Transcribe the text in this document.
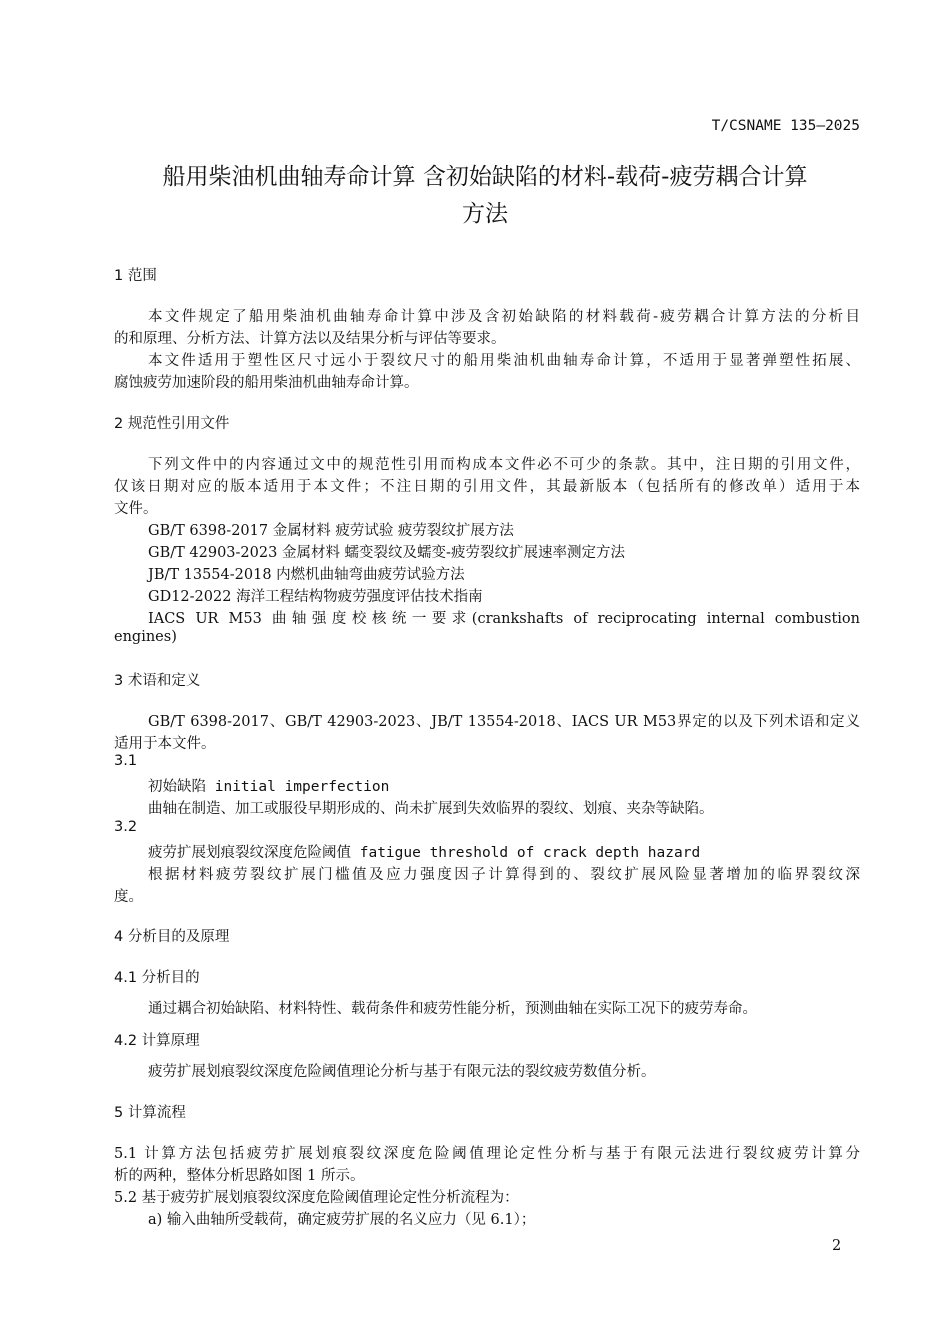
T/CSNAME 135—2025
船用柴油机曲轴寿命计算 含初始缺陷的材料-载荷-疲劳耦合计算
方法
1 范围
本文件规定了船用柴油机曲轴寿命计算中涉及含初始缺陷的材料载荷-疲劳耦合计算方法的分析目
的和原理、分析方法、计算方法以及结果分析与评估等要求。
本文件适用于塑性区尺寸远小于裂纹尺寸的船用柴油机曲轴寿命计算，不适用于显著弹塑性拓展、
腐蚀疲劳加速阶段的船用柴油机曲轴寿命计算。
2 规范性引用文件
下列文件中的内容通过文中的规范性引用而构成本文件必不可少的条款。其中，注日期的引用文件，
仅该日期对应的版本适用于本文件；不注日期的引用文件，其最新版本（包括所有的修改单）适用于本
文件。
GB/T 6398-2017 金属材料 疲劳试验 疲劳裂纹扩展方法
GB/T 42903-2023 金属材料 蠕变裂纹及蠕变-疲劳裂纹扩展速率测定方法
JB/T 13554-2018 内燃机曲轴弯曲疲劳试验方法
GD12-2022 海洋工程结构物疲劳强度评估技术指南
IACS UR M53 曲轴强度校核统一要求(crankshafts of reciprocating internal combustion
engines)
3 术语和定义
GB/T 6398-2017、GB/T 42903-2023、JB/T 13554-2018、IACS UR M53界定的以及下列术语和定义
适用于本文件。
3.1
初始缺陷 initial imperfection
曲轴在制造、加工或服役早期形成的、尚未扩展到失效临界的裂纹、划痕、夹杂等缺陷。
3.2
疲劳扩展划痕裂纹深度危险阈值 fatigue threshold of crack depth hazard
根据材料疲劳裂纹扩展门槛值及应力强度因子计算得到的、裂纹扩展风险显著增加的临界裂纹深
度。
4 分析目的及原理
4.1 分析目的
通过耦合初始缺陷、材料特性、载荷条件和疲劳性能分析，预测曲轴在实际工况下的疲劳寿命。
4.2 计算原理
疲劳扩展划痕裂纹深度危险阈值理论分析与基于有限元法的裂纹疲劳数值分析。
5 计算流程
5.1 计算方法包括疲劳扩展划痕裂纹深度危险阈值理论定性分析与基于有限元法进行裂纹疲劳计算分
析的两种，整体分析思路如图 1 所示。
5.2 基于疲劳扩展划痕裂纹深度危险阈值理论定性分析流程为：
a) 输入曲轴所受载荷，确定疲劳扩展的名义应力（见 6.1）；
2
